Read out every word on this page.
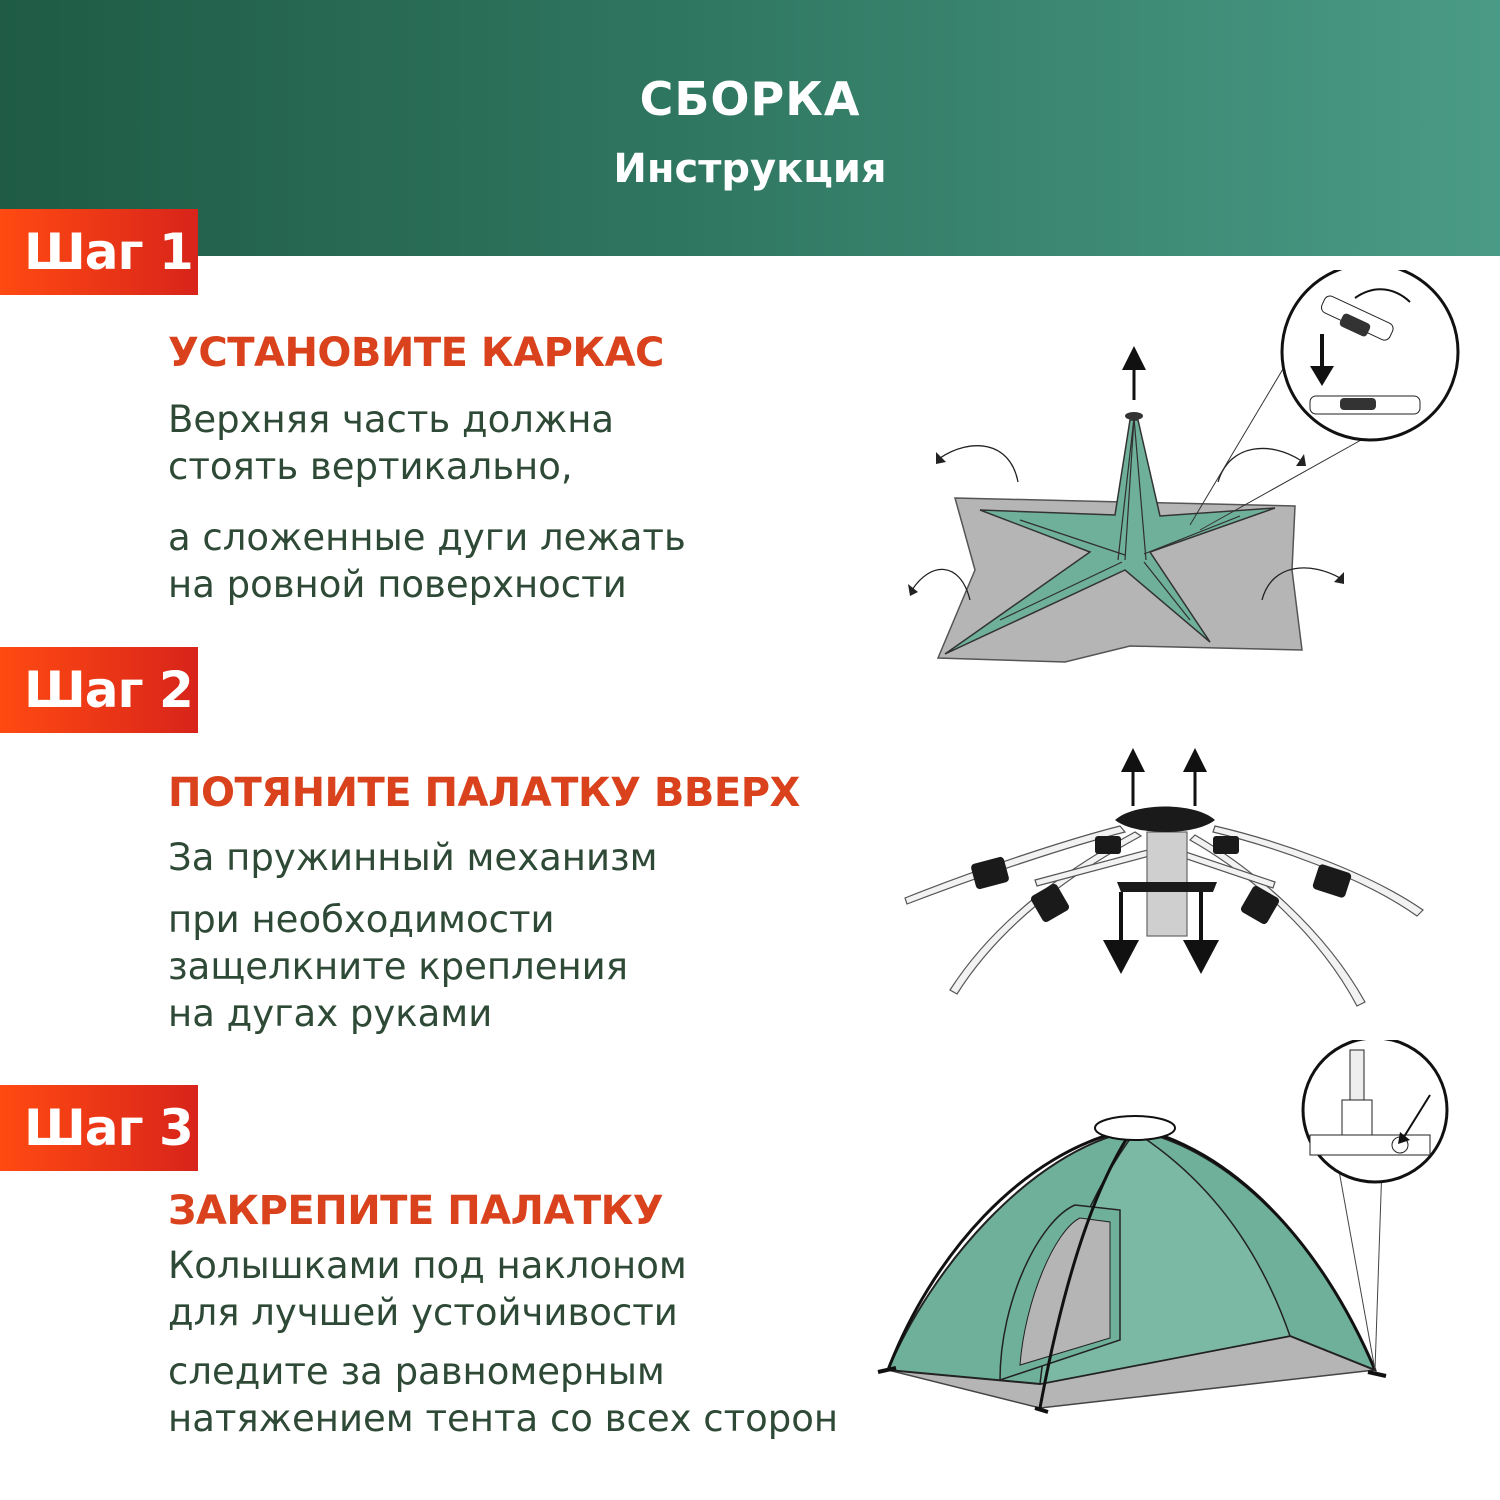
СБОРКА
Инструкция
Шаг 1
УСТАНОВИТЕ КАРКАС
Верхняя часть должна
стоять вертикально,
а сложенные дуги лежать
на ровной поверхности
Шаг 2
ПОТЯНИТЕ ПАЛАТКУ ВВЕРХ
За пружинный механизм
при необходимости
защелкните крепления
на дугах руками
Шаг 3
ЗАКРЕПИТЕ ПАЛАТКУ
Колышками под наклоном
для лучшей устойчивости
следите за равномерным
натяжением тента со всех сторон
